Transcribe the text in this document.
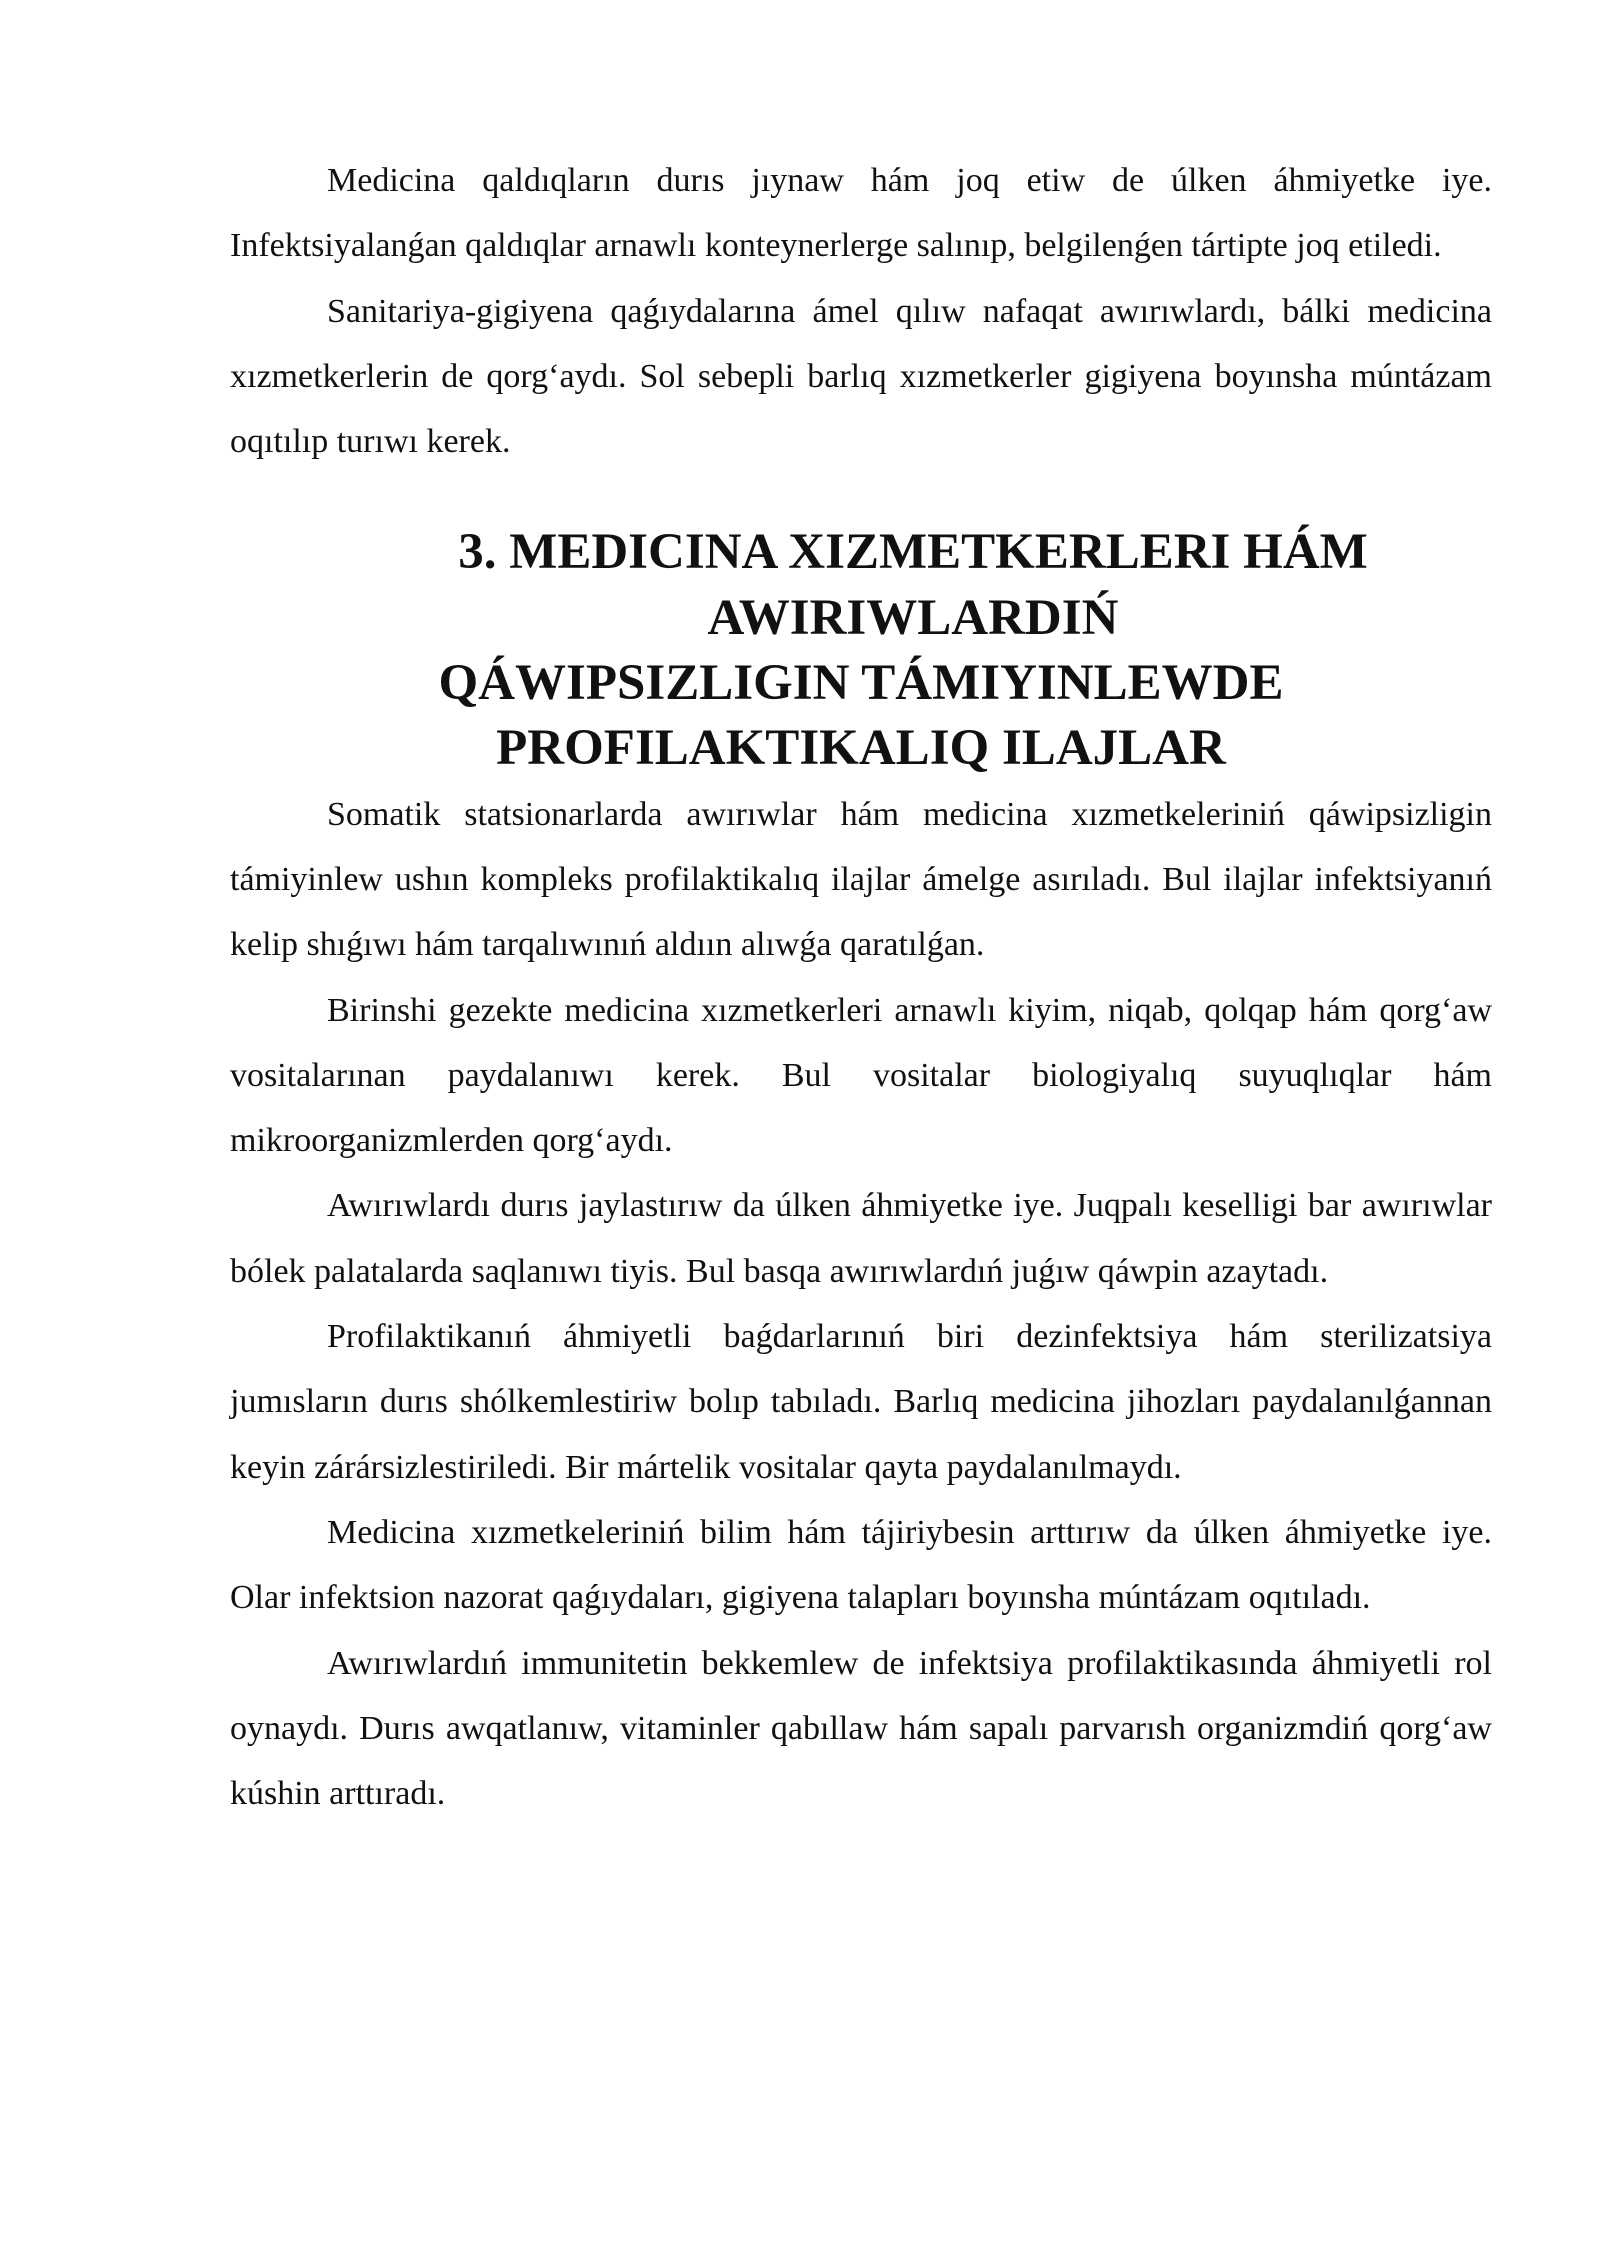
Medicina qaldıqların durıs jıynaw hám joq etiw de úlken áhmiyetke iye. Infektsiyalanǵan qaldıqlar arnawlı konteynerlerge salınıp, belgilenǵen tártipte joq etiledi.

Sanitariya-gigiyena qaǵıydalarına ámel qılıw nafaqat awırıwlardı, bálki medicina xızmetkerlerin de qorg‘aydı. Sol sebepli barlıq xızmetkerler gigiyena boyınsha múntázam oqıtılıp turıwı kerek.

3. MEDICINA XIZMETKERLERI HÁM AWIRIWLARDIŃ
QÁWIPSIZLIGIN TÁMIYINLEWDE PROFILAKTIKALIQ ILAJLAR

Somatik statsionarlarda awırıwlar hám medicina xızmetkeleriniń qáwipsizligin támiyinlew ushın kompleks profilaktikalıq ilajlar ámelge asırıladı. Bul ilajlar infektsiyanıń kelip shıǵıwı hám tarqalıwınıń aldıın alıwǵa qaratılǵan.

Birinshi gezekte medicina xızmetkerleri arnawlı kiyim, niqab, qolqap hám qorg‘aw vositalarınan paydalanıwı kerek. Bul vositalar biologiyalıq suyuqlıqlar hám mikroorganizmlerden qorg‘aydı.

Awırıwlardı durıs jaylastırıw da úlken áhmiyetke iye. Juqpalı keselligi bar awırıwlar bólek palatalarda saqlanıwı tiyis. Bul basqa awırıwlardıń juǵıw qáwpin azaytadı.

Profilaktikanıń áhmiyetli baǵdarlarınıń biri dezinfektsiya hám sterilizatsiya jumısların durıs shólkemlestiriw bolıp tabıladı. Barlıq medicina jihozları paydalanılǵannan keyin zárársizlestiriledi. Bir mártelik vositalar qayta paydalanılmaydı.

Medicina xızmetkeleriniń bilim hám tájiriybesin arttırıw da úlken áhmiyetke iye. Olar infektsion nazorat qaǵıydaları, gigiyena talapları boyınsha múntázam oqıtıladı.

Awırıwlardıń immunitetin bekkemlew de infektsiya profilaktikasında áhmiyetli rol oynaydı. Durıs awqatlanıw, vitaminler qabıllaw hám sapalı parvarısh organizmdiń qorg‘aw kúshin arttıradı.
